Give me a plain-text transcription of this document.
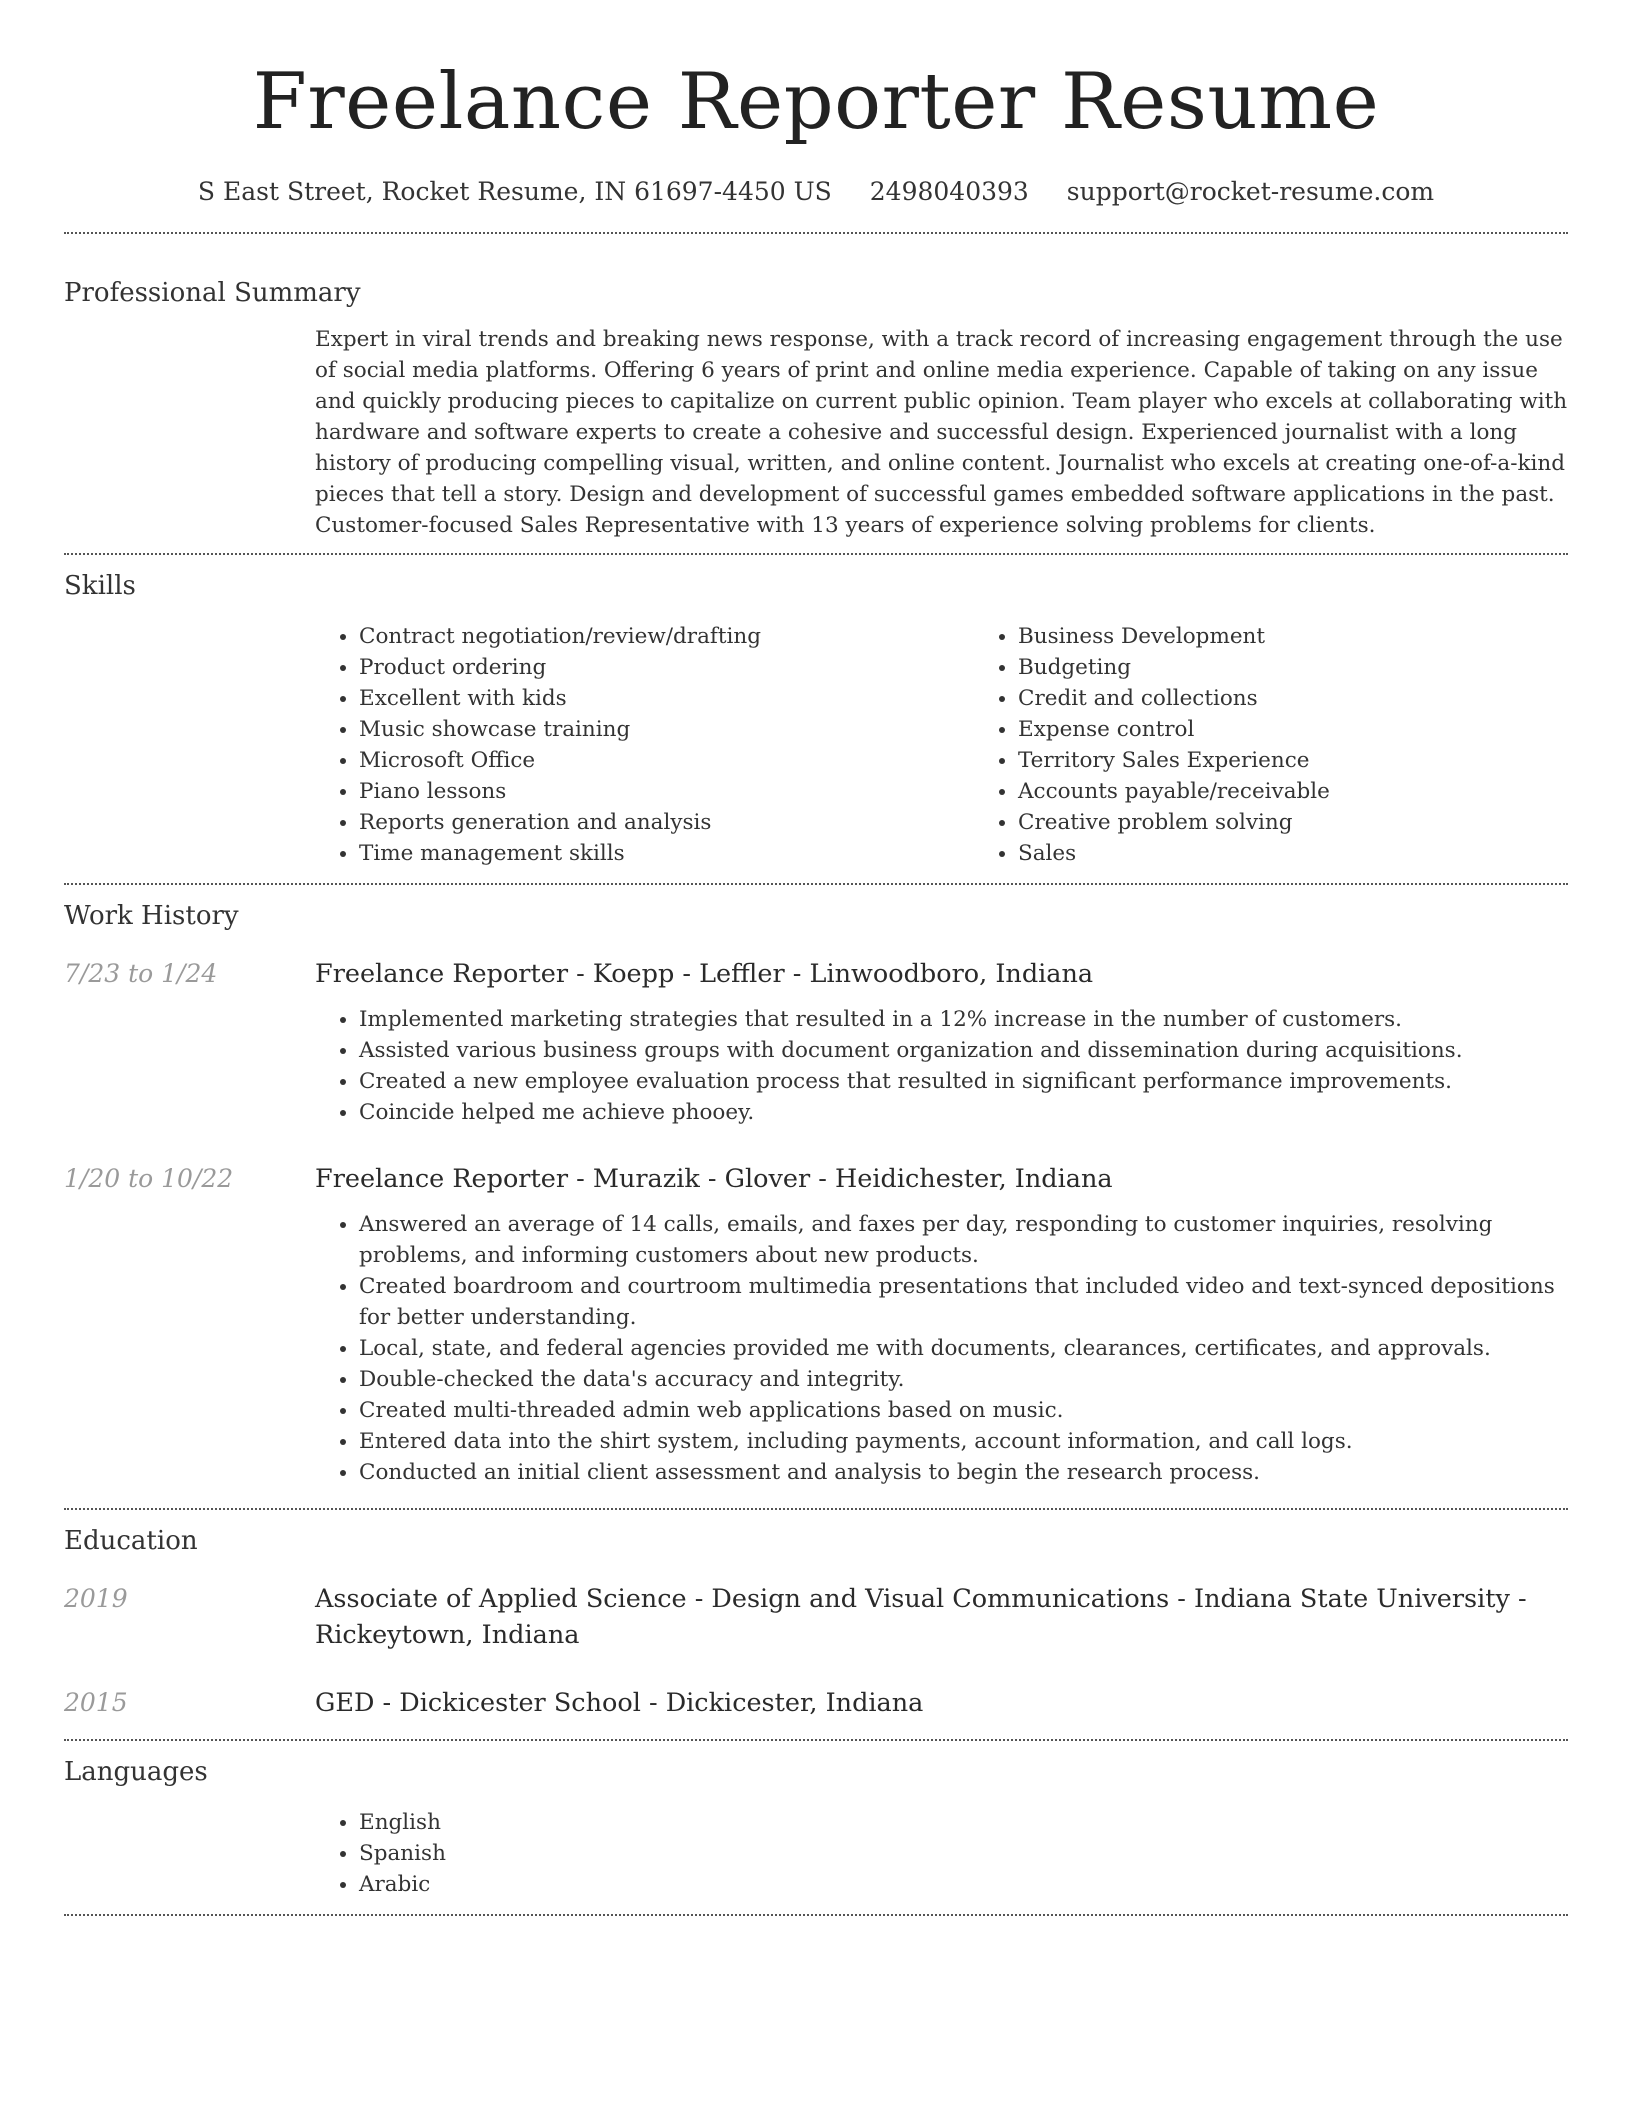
Freelance Reporter Resume
S East Street, Rocket Resume, IN 61697-4450 US 2498040393 support@rocket-resume.com
Professional Summary

Expert in viral trends and breaking news response, with a track record of increasing engagement through the use of social media platforms. Offering 6 years of print and online media experience. Capable of taking on any issue and quickly producing pieces to capitalize on current public opinion. Team player who excels at collaborating with hardware and software experts to create a cohesive and successful design. Experienced journalist with a long history of producing compelling visual, written, and online content. Journalist who excels at creating one-of-a-kind pieces that tell a story. Design and development of successful games embedded software applications in the past. Customer-focused Sales Representative with 13 years of experience solving problems for clients.

Skills
• Contract negotiation/review/drafting
• Product ordering
• Excellent with kids
• Music showcase training
• Microsoft Office
• Piano lessons
• Reports generation and analysis
• Time management skills
• Business Development
• Budgeting
• Credit and collections
• Expense control
• Territory Sales Experience
• Accounts payable/receivable
• Creative problem solving
• Sales
Work History
7/23 to 1/24	Freelance Reporter - Koepp - Leffler - Linwoodboro, Indiana

• Implemented marketing strategies that resulted in a 12% increase in the number of customers.
• Assisted various business groups with document organization and dissemination during acquisitions.
• Created a new employee evaluation process that resulted in significant performance improvements.
• Coincide helped me achieve phooey.
1/20 to 10/22	Freelance Reporter - Murazik - Glover - Heidichester, Indiana

• Answered an average of 14 calls, emails, and faxes per day, responding to customer inquiries, resolving problems, and informing customers about new products.
• Created boardroom and courtroom multimedia presentations that included video and text-synced depositions for better understanding.
• Local, state, and federal agencies provided me with documents, clearances, certificates, and approvals.
• Double-checked the data's accuracy and integrity.
• Created multi-threaded admin web applications based on music.
• Entered data into the shirt system, including payments, account information, and call logs.
• Conducted an initial client assessment and analysis to begin the research process.
Education
2019	Associate of Applied Science - Design and Visual Communications - Indiana State University - Rickeytown, Indiana

2015	GED - Dickicester School - Dickicester, Indiana

Languages
• English
• Spanish
• Arabic
